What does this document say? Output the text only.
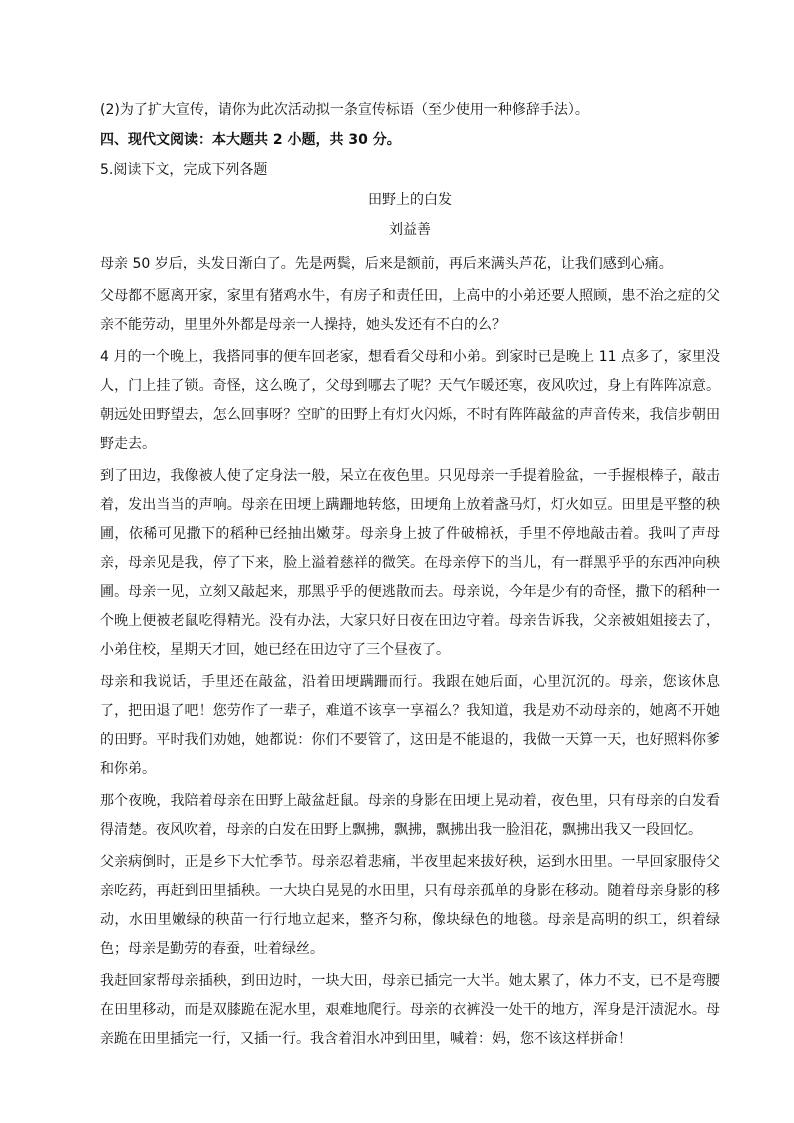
(2)为了扩大宣传，请你为此次活动拟一条宣传标语（至少使用一种修辞手法）。
四、现代文阅读：本大题共 2 小题，共 30 分。
5.阅读下文，完成下列各题
田野上的白发
刘益善
母亲 50 岁后，头发日渐白了。先是两鬓，后来是额前，再后来满头芦花，让我们感到心痛。
父母都不愿离开家，家里有猪鸡水牛，有房子和责任田，上高中的小弟还要人照顾，患不治之症的父亲不能劳动，里里外外都是母亲一人操持，她头发还有不白的么？
4 月的一个晚上，我搭同事的便车回老家，想看看父母和小弟。到家时已是晚上 11 点多了，家里没人，门上挂了锁。奇怪，这么晚了，父母到哪去了呢？天气乍暖还寒，夜风吹过，身上有阵阵凉意。朝远处田野望去，怎么回事呀？空旷的田野上有灯火闪烁，不时有阵阵敲盆的声音传来，我信步朝田野走去。
到了田边，我像被人使了定身法一般，呆立在夜色里。只见母亲一手提着脸盆，一手握根棒子，敲击着，发出当当的声响。母亲在田埂上蹒跚地转悠，田埂角上放着盏马灯，灯火如豆。田里是平整的秧圃，依稀可见撒下的稻种已经抽出嫩芽。母亲身上披了件破棉袄，手里不停地敲击着。我叫了声母亲，母亲见是我，停了下来，脸上溢着慈祥的微笑。在母亲停下的当儿，有一群黑乎乎的东西冲向秧圃。母亲一见，立刻又敲起来，那黑乎乎的便逃散而去。母亲说，今年是少有的奇怪，撒下的稻种一个晚上便被老鼠吃得精光。没有办法，大家只好日夜在田边守着。母亲告诉我，父亲被姐姐接去了，小弟住校，星期天才回，她已经在田边守了三个昼夜了。
母亲和我说话，手里还在敲盆，沿着田埂蹒跚而行。我跟在她后面，心里沉沉的。母亲，您该休息了，把田退了吧！您劳作了一辈子，难道不该享一享福么？我知道，我是劝不动母亲的，她离不开她的田野。平时我们劝她，她都说：你们不要管了，这田是不能退的，我做一天算一天，也好照料你爹和你弟。
那个夜晚，我陪着母亲在田野上敲盆赶鼠。母亲的身影在田埂上晃动着，夜色里，只有母亲的白发看得清楚。夜风吹着，母亲的白发在田野上飘拂，飘拂，飘拂出我一脸泪花，飘拂出我又一段回忆。
父亲病倒时，正是乡下大忙季节。母亲忍着悲痛，半夜里起来拔好秧，运到水田里。一早回家服侍父亲吃药，再赶到田里插秧。一大块白晃晃的水田里，只有母亲孤单的身影在移动。随着母亲身影的移动，水田里嫩绿的秧苗一行行地立起来，整齐匀称，像块绿色的地毯。母亲是高明的织工，织着绿色；母亲是勤劳的春蚕，吐着绿丝。
我赶回家帮母亲插秧，到田边时，一块大田，母亲已插完一大半。她太累了，体力不支，已不是弯腰在田里移动，而是双膝跪在泥水里，艰难地爬行。母亲的衣裤没一处干的地方，浑身是汗渍泥水。母亲跪在田里插完一行，又插一行。我含着泪水冲到田里，喊着：妈，您不该这样拼命！
